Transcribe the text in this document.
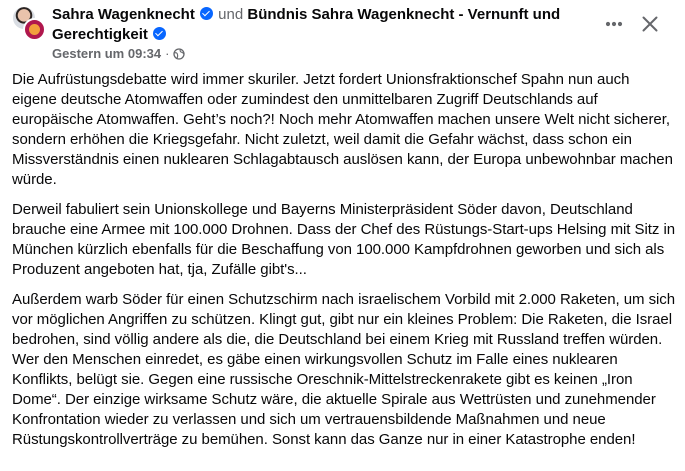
Sahra Wagenknecht und Bündnis Sahra Wagenknecht - Vernunft und Gerechtigkeit
Gestern um 09:34 ·

Die Aufrüstungsdebatte wird immer skuriler. Jetzt fordert Unionsfraktionschef Spahn nun auch eigene deutsche Atomwaffen oder zumindest den unmittelbaren Zugriff Deutschlands auf europäische Atomwaffen. Geht’s noch?! Noch mehr Atomwaffen machen unsere Welt nicht sicherer, sondern erhöhen die Kriegsgefahr. Nicht zuletzt, weil damit die Gefahr wächst, dass schon ein Missverständnis einen nuklearen Schlagabtausch auslösen kann, der Europa unbewohnbar machen würde.

Derweil fabuliert sein Unionskollege und Bayerns Ministerpräsident Söder davon, Deutschland brauche eine Armee mit 100.000 Drohnen. Dass der Chef des Rüstungs-Start-ups Helsing mit Sitz in München kürzlich ebenfalls für die Beschaffung von 100.000 Kampfdrohnen geworben und sich als Produzent angeboten hat, tja, Zufälle gibt's...

Außerdem warb Söder für einen Schutzschirm nach israelischem Vorbild mit 2.000 Raketen, um sich vor möglichen Angriffen zu schützen. Klingt gut, gibt nur ein kleines Problem: Die Raketen, die Israel bedrohen, sind völlig andere als die, die Deutschland bei einem Krieg mit Russland treffen würden. Wer den Menschen einredet, es gäbe einen wirkungsvollen Schutz im Falle eines nuklearen Konflikts, belügt sie. Gegen eine russische Oreschnik-Mittelstreckenrakete gibt es keinen „Iron Dome“. Der einzige wirksame Schutz wäre, die aktuelle Spirale aus Wettrüsten und zunehmender Konfrontation wieder zu verlassen und sich um vertrauensbildende Maßnahmen und neue Rüstungskontrollverträge zu bemühen. Sonst kann das Ganze nur in einer Katastrophe enden!
